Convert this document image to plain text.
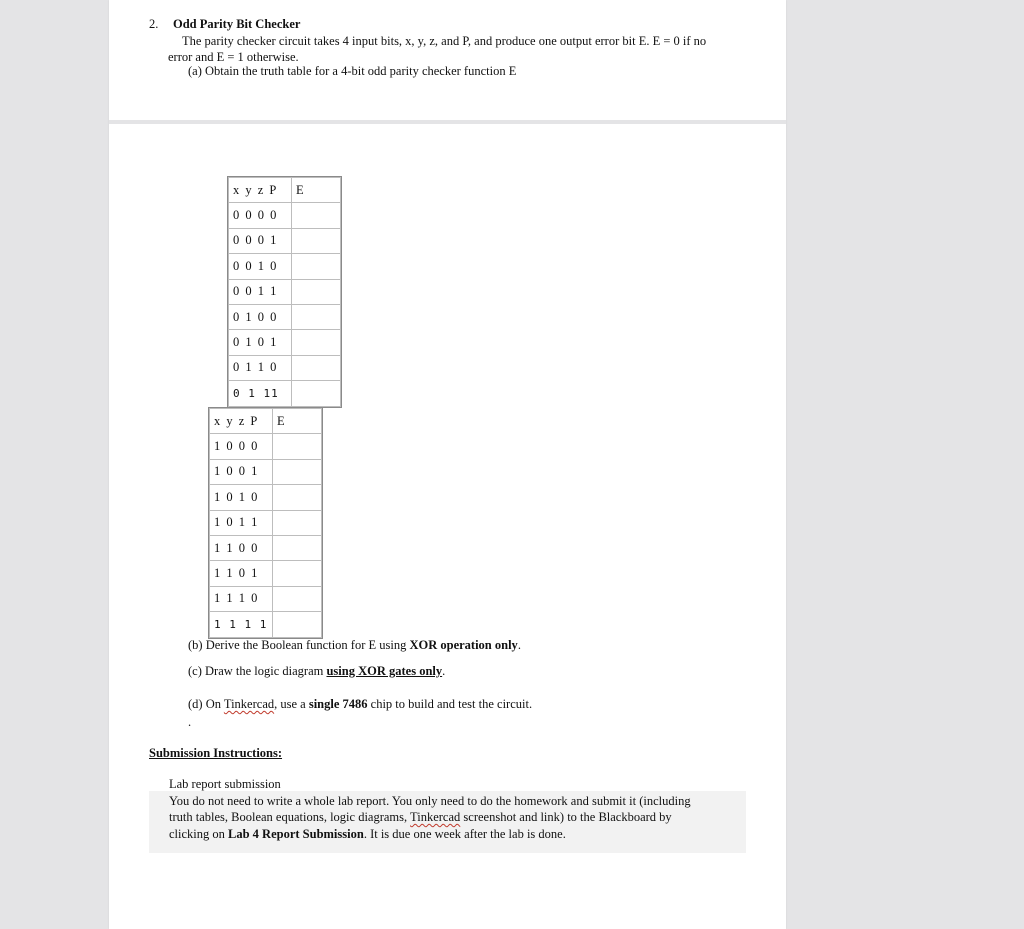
2. Odd Parity Bit Checker
The parity checker circuit takes 4 input bits, x, y, z, and P, and produce one output error bit E. E = 0 if no
error and E = 1 otherwise.
(a) Obtain the truth table for a 4-bit odd parity checker function E
x y z P	E
0 0 0 0	
0 0 0 1	
0 0 1 0	
0 0 1 1	
0 1 0 0	
0 1 0 1	
0 1 1 0	
0 1 11	
x y z P	E
1 0 0 0	
1 0 0 1	
1 0 1 0	
1 0 1 1	
1 1 0 0	
1 1 0 1	
1 1 1 0	
1 1 1 1	
(b) Derive the Boolean function for E using XOR operation only.
(c) Draw the logic diagram using XOR gates only.
(d) On Tinkercad, use a single 7486 chip to build and test the circuit.
.
Submission Instructions:
Lab report submission
You do not need to write a whole lab report. You only need to do the homework and submit it (including
truth tables, Boolean equations, logic diagrams, Tinkercad screenshot and link) to the Blackboard by
clicking on Lab 4 Report Submission. It is due one week after the lab is done.
